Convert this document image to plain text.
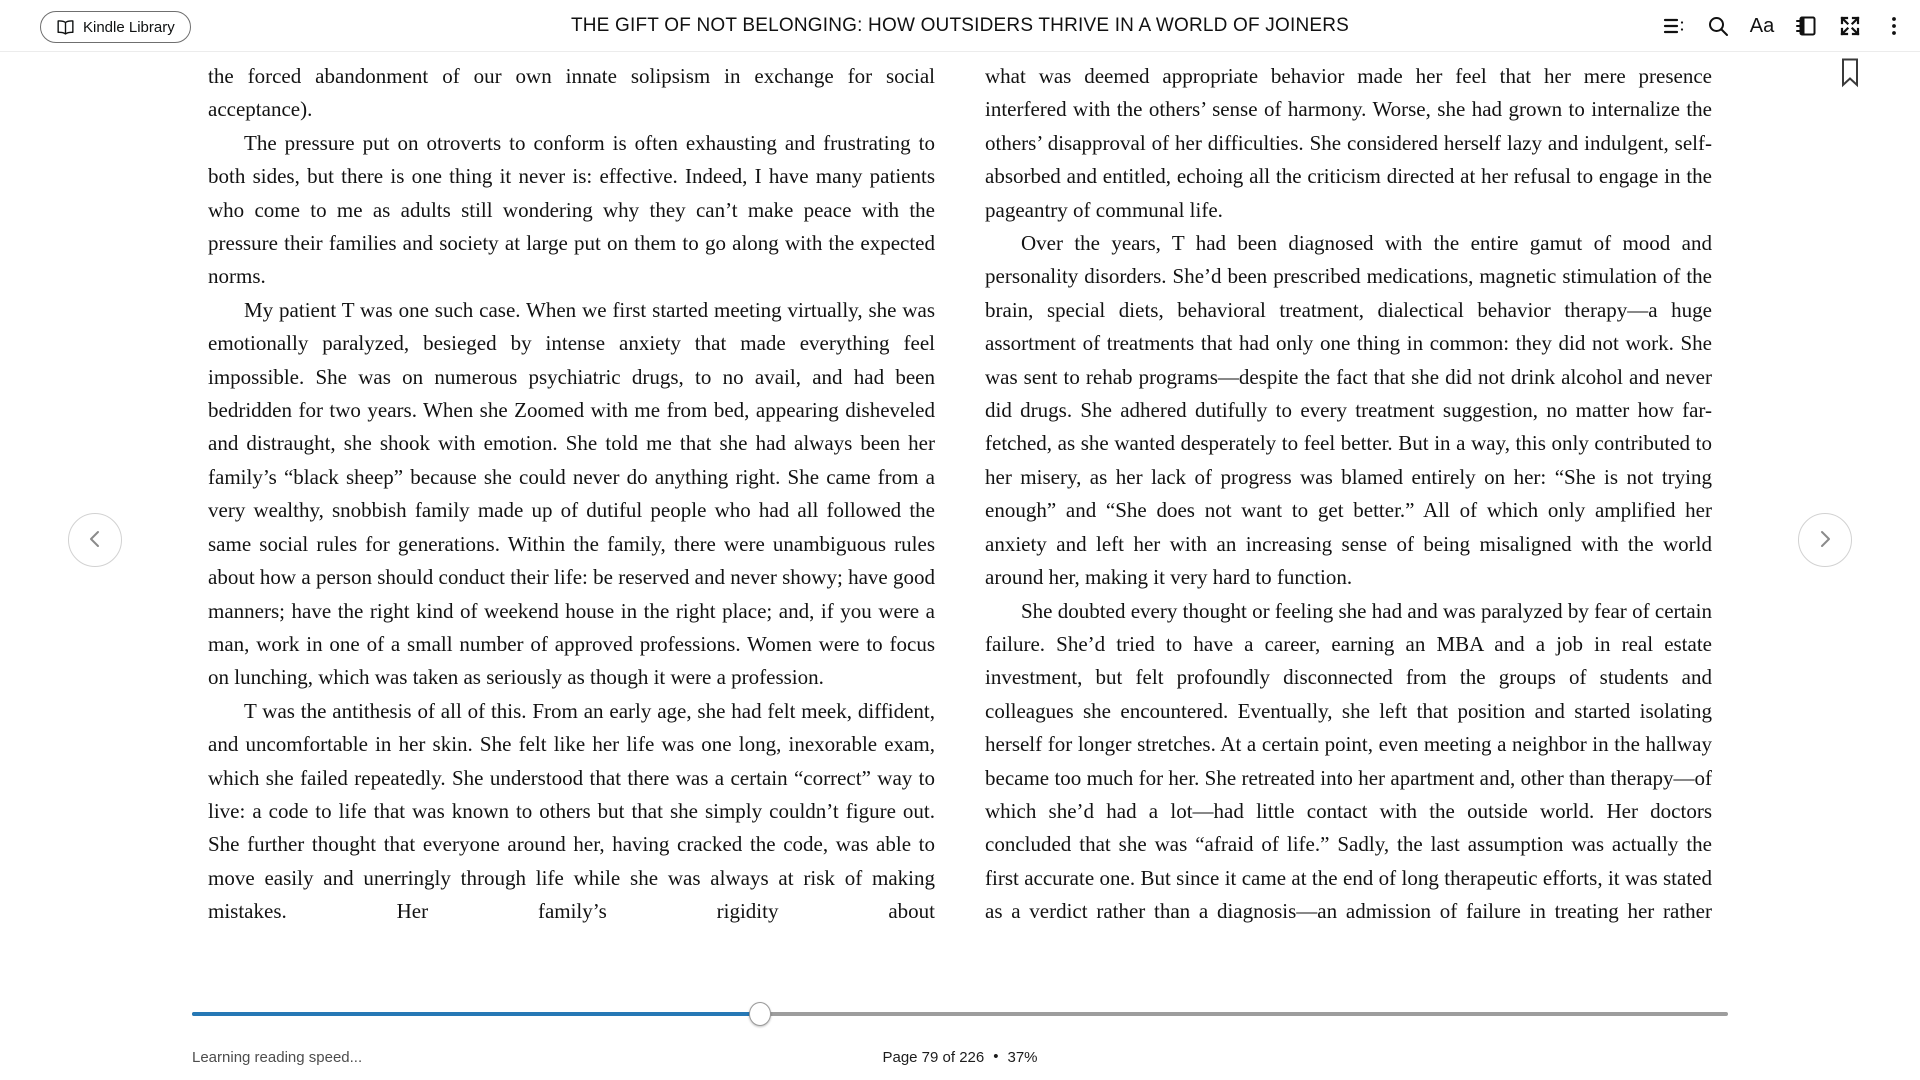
Kindle Library	THE GIFT OF NOT BELONGING: HOW OUTSIDERS THRIVE IN A WORLD OF JOINERS	Aa

the forced abandonment of our own innate solipsism in exchange for social acceptance).

The pressure put on otroverts to conform is often exhausting and frustrating to both sides, but there is one thing it never is: effective. Indeed, I have many patients who come to me as adults still wondering why they can’t make peace with the pressure their families and society at large put on them to go along with the expected norms.

My patient T was one such case. When we first started meeting virtually, she was emotionally paralyzed, besieged by intense anxiety that made everything feel impossible. She was on numerous psychiatric drugs, to no avail, and had been bedridden for two years. When she Zoomed with me from bed, appearing disheveled and distraught, she shook with emotion. She told me that she had always been her family’s “black sheep” because she could never do anything right. She came from a very wealthy, snobbish family made up of dutiful people who had all followed the same social rules for generations. Within the family, there were unambiguous rules about how a person should conduct their life: be reserved and never showy; have good manners; have the right kind of weekend house in the right place; and, if you were a man, work in one of a small number of approved professions. Women were to focus on lunching, which was taken as seriously as though it were a profession.

T was the antithesis of all of this. From an early age, she had felt meek, diffident, and uncomfortable in her skin. She felt like her life was one long, inexorable exam, which she failed repeatedly. She understood that there was a certain “correct” way to live: a code to life that was known to others but that she simply couldn’t figure out. She further thought that everyone around her, having cracked the code, was able to move easily and unerringly through life while she was always at risk of making mistakes. Her family’s rigidity about

what was deemed appropriate behavior made her feel that her mere presence interfered with the others’ sense of harmony. Worse, she had grown to internalize the others’ disapproval of her difficulties. She considered herself lazy and indulgent, self-absorbed and entitled, echoing all the criticism directed at her refusal to engage in the pageantry of communal life.

Over the years, T had been diagnosed with the entire gamut of mood and personality disorders. She’d been prescribed medications, magnetic stimulation of the brain, special diets, behavioral treatment, dialectical behavior therapy—a huge assortment of treatments that had only one thing in common: they did not work. She was sent to rehab programs—despite the fact that she did not drink alcohol and never did drugs. She adhered dutifully to every treatment suggestion, no matter how far-fetched, as she wanted desperately to feel better. But in a way, this only contributed to her misery, as her lack of progress was blamed entirely on her: “She is not trying enough” and “She does not want to get better.” All of which only amplified her anxiety and left her with an increasing sense of being misaligned with the world around her, making it very hard to function.

She doubted every thought or feeling she had and was paralyzed by fear of certain failure. She’d tried to have a career, earning an MBA and a job in real estate investment, but felt profoundly disconnected from the groups of students and colleagues she encountered. Eventually, she left that position and started isolating herself for longer stretches. At a certain point, even meeting a neighbor in the hallway became too much for her. She retreated into her apartment and, other than therapy—of which she’d had a lot—had little contact with the outside world. Her doctors concluded that she was “afraid of life.” Sadly, the last assumption was actually the first accurate one. But since it came at the end of long therapeutic efforts, it was stated as a verdict rather than a diagnosis—an admission of failure in treating her rather

Learning reading speed...	Page 79 of 226 • 37%
